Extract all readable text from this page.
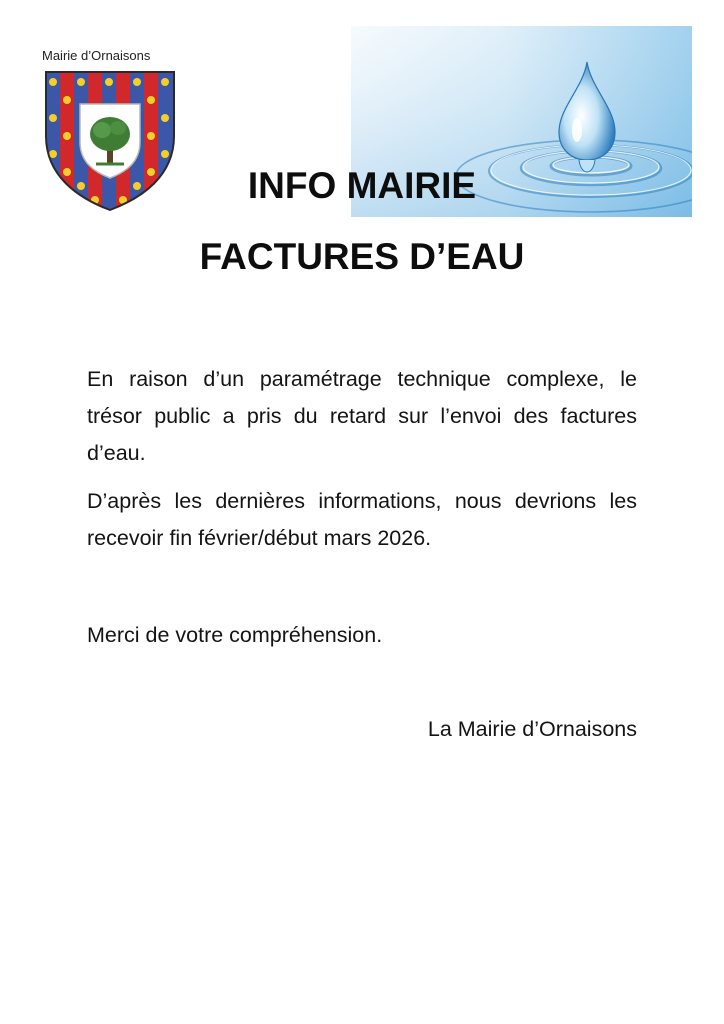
Mairie d’Ornaisons
INFO MAIRIE
FACTURES D’EAU

En raison d’un paramétrage technique complexe, le trésor public a pris du retard sur l’envoi des factures d’eau.

D’après les dernières informations, nous devrions les recevoir fin février/début mars 2026.

Merci de votre compréhension.

La Mairie d’Ornaisons
